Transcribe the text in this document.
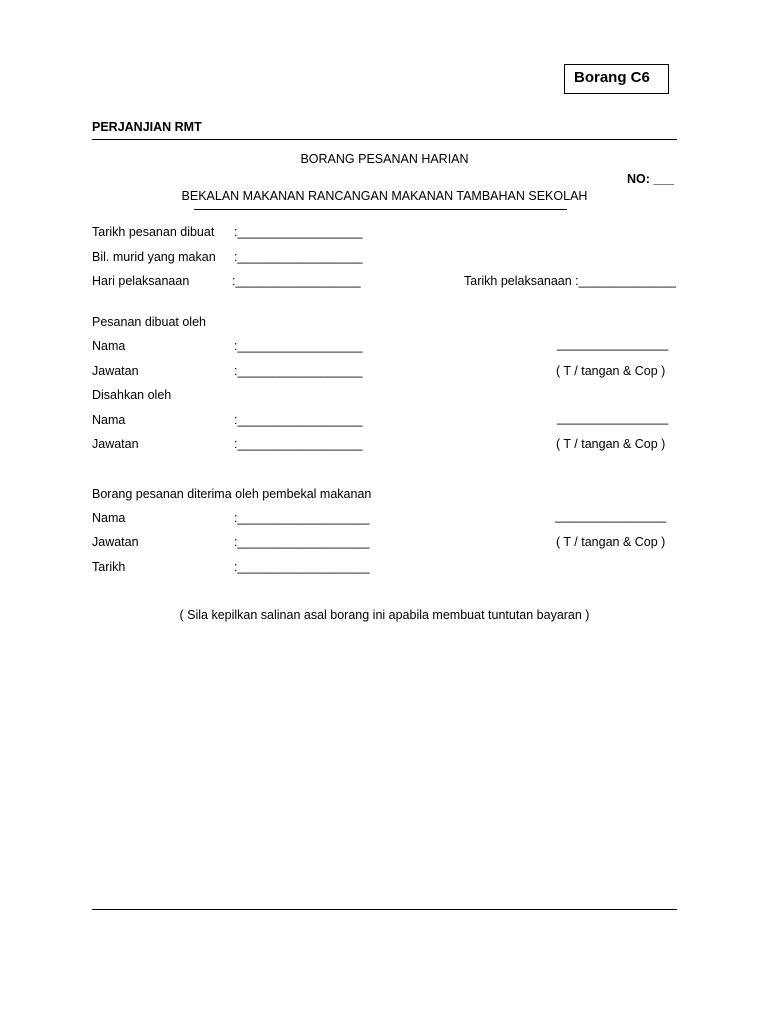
Borang C6
PERJANJIAN RMT
BORANG PESANAN HARIAN
NO: ___
BEKALAN MAKANAN RANCANGAN MAKANAN TAMBAHAN SEKOLAH
Tarikh pesanan dibuat :__________________
Bil. murid yang makan :__________________
Hari pelaksanaan	:__________________	Tarikh pelaksanaan :______________
Pesanan dibuat oleh
Nama	:__________________	________________
Jawatan	:__________________	( T / tangan & Cop )
Disahkan oleh
Nama	:__________________	________________
Jawatan	:__________________	( T / tangan & Cop )
Borang pesanan diterima oleh pembekal makanan
Nama	:___________________	________________
Jawatan	:___________________	( T / tangan & Cop )
Tarikh	:___________________
( Sila kepilkan salinan asal borang ini apabila membuat tuntutan bayaran )
